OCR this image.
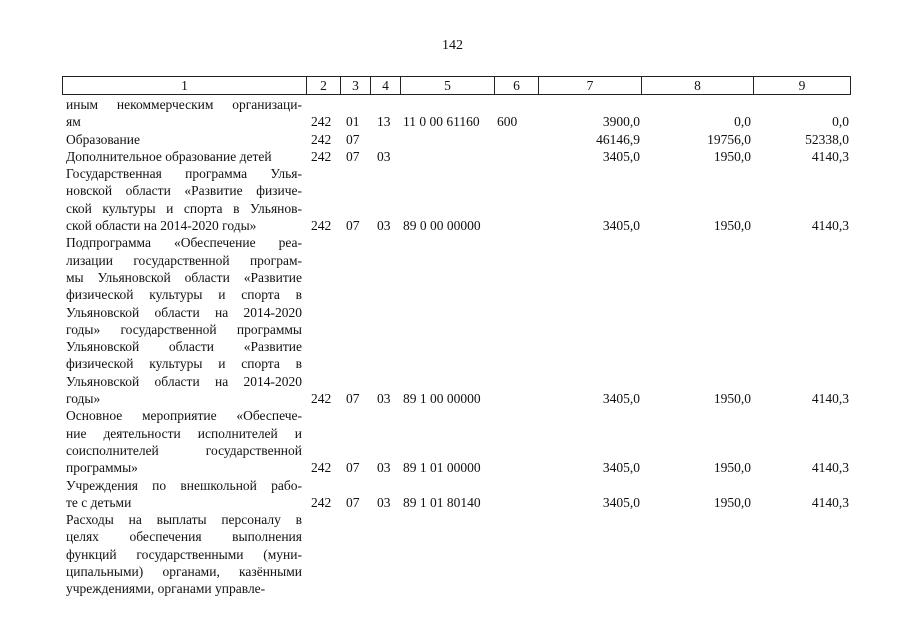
142
1	2	3	4	5	6	7	8	9
иным некоммерческим организаци-
ям	242 01 13 11 0 00 61160 600	3900,0	0,0	0,0
Образование	242 07	46146,9	19756,0	52338,0
Дополнительное образование детей	242 07 03	3405,0	1950,0	4140,3
Государственная программа Улья-
новской области «Развитие физиче-
ской культуры и спорта в Ульянов-
ской области на 2014-2020 годы»	242 07 03 89 0 00 00000	3405,0	1950,0	4140,3
Подпрограмма «Обеспечение реа-
лизации государственной програм-
мы Ульяновской области «Развитие
физической культуры и спорта в
Ульяновской области на 2014-2020
годы» государственной программы
Ульяновской области «Развитие
физической культуры и спорта в
Ульяновской области на 2014-2020
годы»	242 07 03 89 1 00 00000	3405,0	1950,0	4140,3
Основное мероприятие «Обеспече-
ние деятельности исполнителей и
соисполнителей государственной
программы»	242 07 03 89 1 01 00000	3405,0	1950,0	4140,3
Учреждения по внешкольной рабо-
те с детьми	242 07 03 89 1 01 80140	3405,0	1950,0	4140,3
Расходы на выплаты персоналу в
целях обеспечения выполнения
функций государственными (муни-
ципальными) органами, казёнными
учреждениями, органами управле-
